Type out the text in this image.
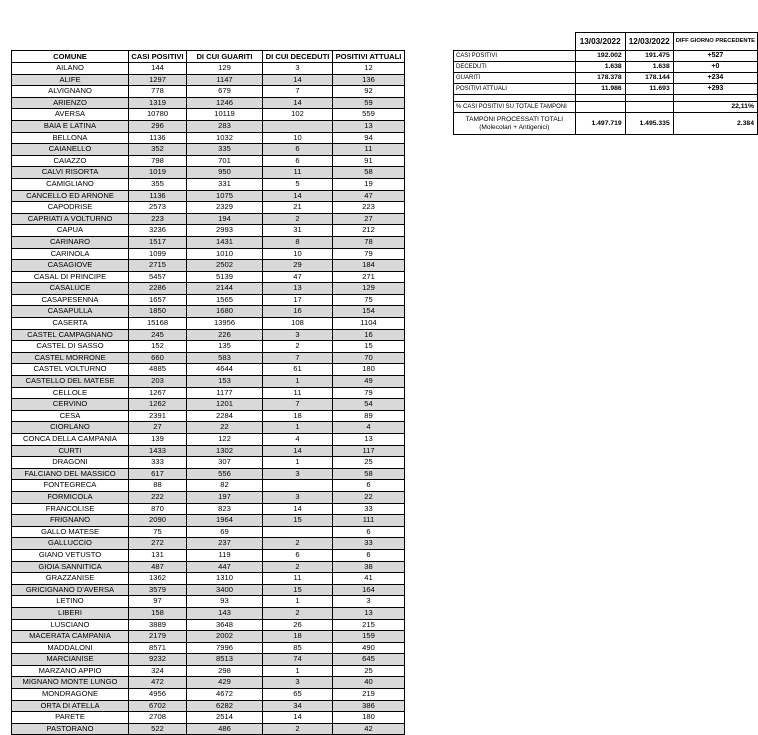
COMUNE	CASI POSITIVI	DI CUI GUARITI	DI CUI DECEDUTI	POSITIVI ATTUALI
AILANO	144	129	3	12
ALIFE	1297	1147	14	136
ALVIGNANO	778	679	7	92
ARIENZO	1319	1246	14	59
AVERSA	10780	10119	102	559
BAIA E LATINA	296	283		13
BELLONA	1136	1032	10	94
CAIANELLO	352	335	6	11
CAIAZZO	798	701	6	91
CALVI RISORTA	1019	950	11	58
CAMIGLIANO	355	331	5	19
CANCELLO ED ARNONE	1136	1075	14	47
CAPODRISE	2573	2329	21	223
CAPRIATI A VOLTURNO	223	194	2	27
CAPUA	3236	2993	31	212
CARINARO	1517	1431	8	78
CARINOLA	1099	1010	10	79
CASAGIOVE	2715	2502	29	184
CASAL DI PRINCIPE	5457	5139	47	271
CASALUCE	2286	2144	13	129
CASAPESENNA	1657	1565	17	75
CASAPULLA	1850	1680	16	154
CASERTA	15168	13956	108	1104
CASTEL CAMPAGNANO	245	226	3	16
CASTEL DI SASSO	152	135	2	15
CASTEL MORRONE	660	583	7	70
CASTEL VOLTURNO	4885	4644	61	180
CASTELLO DEL MATESE	203	153	1	49
CELLOLE	1267	1177	11	79
CERVINO	1262	1201	7	54
CESA	2391	2284	18	89
CIORLANO	27	22	1	4
CONCA DELLA CAMPANIA	139	122	4	13
CURTI	1433	1302	14	117
DRAGONI	333	307	1	25
FALCIANO DEL MASSICO	617	556	3	58
FONTEGRECA	88	82		6
FORMICOLA	222	197	3	22
FRANCOLISE	870	823	14	33
FRIGNANO	2090	1964	15	111
GALLO MATESE	75	69		6
GALLUCCIO	272	237	2	33
GIANO VETUSTO	131	119	6	6
GIOIA SANNITICA	487	447	2	38
GRAZZANISE	1362	1310	11	41
GRICIGNANO D'AVERSA	3579	3400	15	164
LETINO	97	93	1	3
LIBERI	158	143	2	13
LUSCIANO	3889	3648	26	215
MACERATA CAMPANIA	2179	2002	18	159
MADDALONI	8571	7996	85	490
MARCIANISE	9232	8513	74	645
MARZANO APPIO	324	298	1	25
MIGNANO MONTE LUNGO	472	429	3	40
MONDRAGONE	4956	4672	65	219
ORTA DI ATELLA	6702	6282	34	386
PARETE	2708	2514	14	180
PASTORANO	522	486	2	42
	13/03/2022	12/03/2022	DIFF GIORNO PRECEDENTE
CASI POSITIVI	192.002	191.475	+527
DECEDUTI	1.638	1.638	+0
GUARITI	178.378	178.144	+234
POSITIVI ATTUALI	11.986	11.693	+293

% CASI POSITIVI SU TOTALE TAMPONI			22,11%

TAMPONI PROCESSATI TOTALI
(Molecolari + Antigenici)	1.497.719	1.495.335	2.384
